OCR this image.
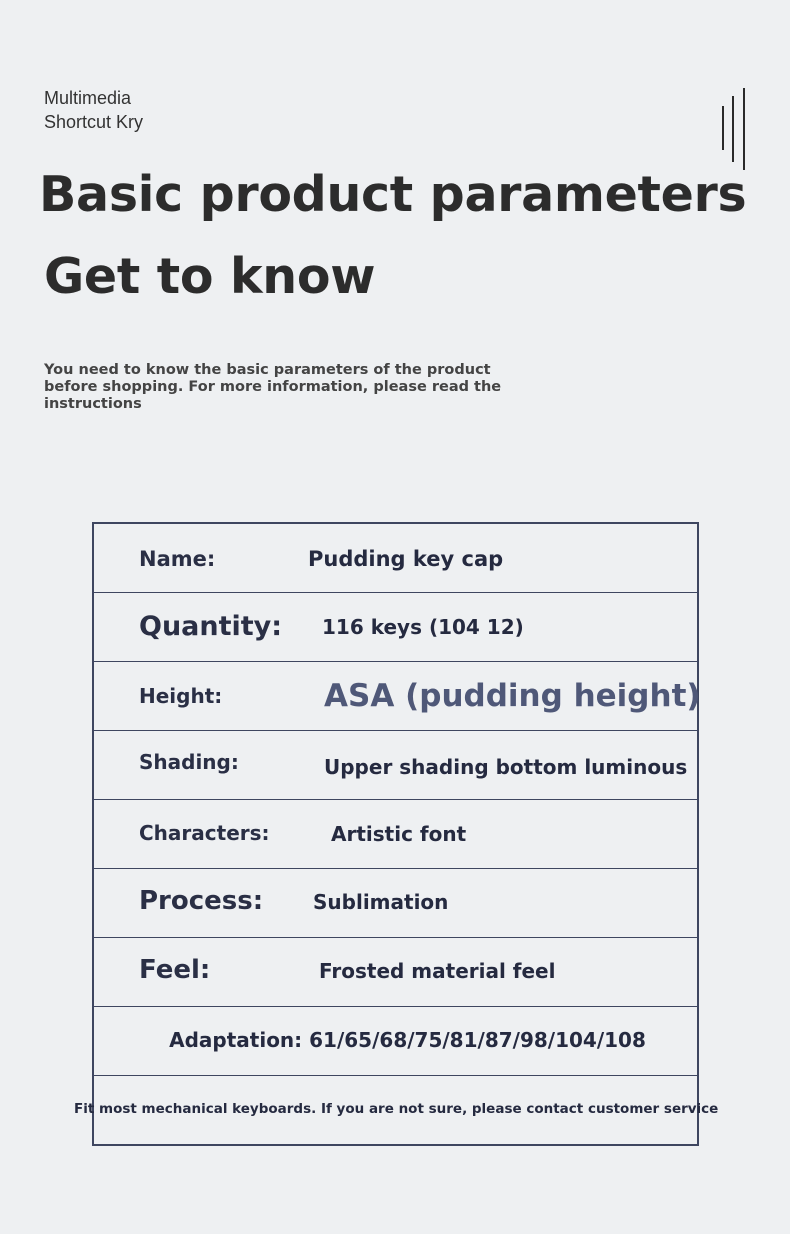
Multimedia
Shortcut Kry
Basic product parameters
Get to know
You need to know the basic parameters of the product before shopping. For more information, please read the instructions
Name:	Pudding key cap
Quantity: 116 keys (104 12)
Height:	ASA (pudding height)
Shading:	Upper shading bottom luminous
Characters:	Artistic font
Process: Sublimation
Feel:	Frosted material feel
Adaptation: 61/65/68/75/81/87/98/104/108
Fit most mechanical keyboards. If you are not sure, please contact customer service
